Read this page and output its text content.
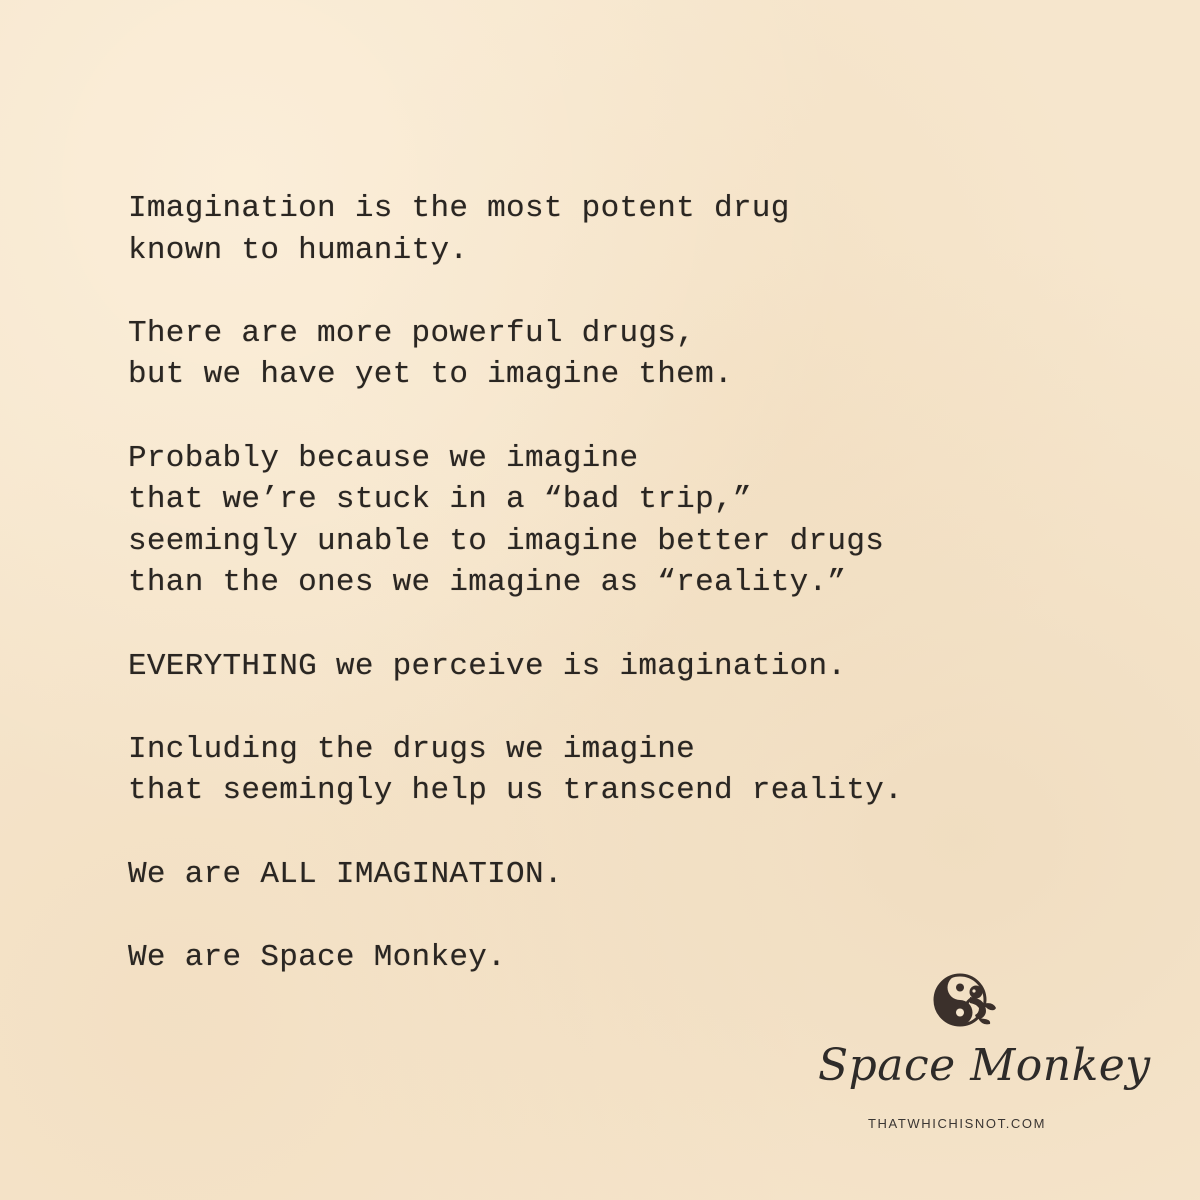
Imagination is the most potent drug
known to humanity.
There are more powerful drugs,
but we have yet to imagine them.
Probably because we imagine
that we’re stuck in a “bad trip,”
seemingly unable to imagine better drugs
than the ones we imagine as “reality.”
EVERYTHING we perceive is imagination.
Including the drugs we imagine
that seemingly help us transcend reality.
We are ALL IMAGINATION.
We are Space Monkey.
Space Monkey
THATWHICHISNOT.COM
